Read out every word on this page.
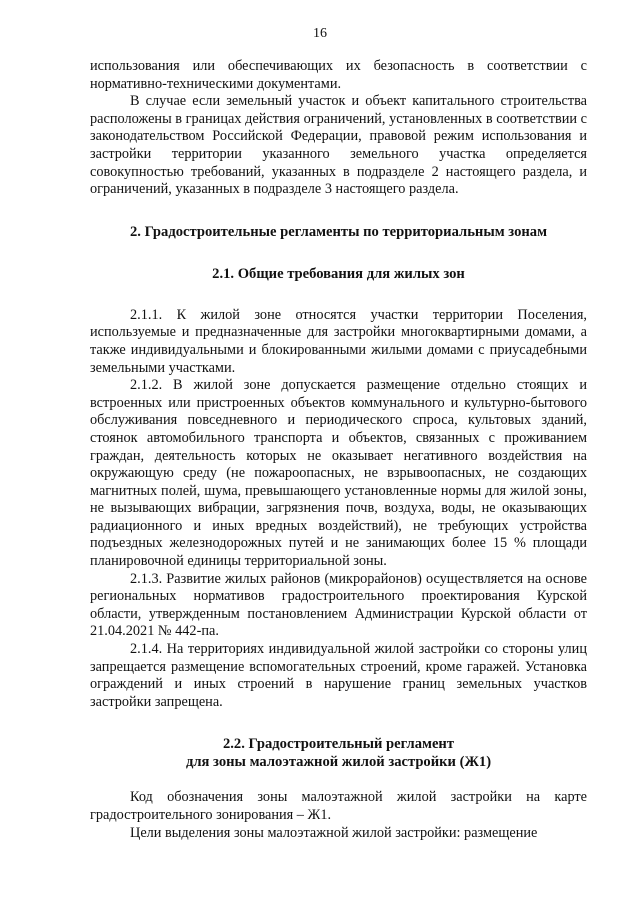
16

использования или обеспечивающих их безопасность в соответствии с нормативно-техническими документами.

В случае если земельный участок и объект капитального строительства расположены в границах действия ограничений, установленных в соответствии с законодательством Российской Федерации, правовой режим использования и застройки территории указанного земельного участка определяется совокупностью требований, указанных в подразделе 2 настоящего раздела, и ограничений, указанных в подразделе 3 настоящего раздела.

2. Градостроительные регламенты по территориальным зонам

2.1. Общие требования для жилых зон

2.1.1. К жилой зоне относятся участки территории Поселения, используемые и предназначенные для застройки многоквартирными домами, а также индивидуальными и блокированными жилыми домами с приусадебными земельными участками.

2.1.2. В жилой зоне допускается размещение отдельно стоящих и встроенных или пристроенных объектов коммунального и культурно-бытового обслуживания повседневного и периодического спроса, культовых зданий, стоянок автомобильного транспорта и объектов, связанных с проживанием граждан, деятельность которых не оказывает негативного воздействия на окружающую среду (не пожароопасных, не взрывоопасных, не создающих магнитных полей, шума, превышающего установленные нормы для жилой зоны, не вызывающих вибрации, загрязнения почв, воздуха, воды, не оказывающих радиационного и иных вредных воздействий), не требующих устройства подъездных железнодорожных путей и не занимающих более 15 % площади планировочной единицы территориальной зоны.

2.1.3. Развитие жилых районов (микрорайонов) осуществляется на основе региональных нормативов градостроительного проектирования Курской области, утвержденным постановлением Администрации Курской области от 21.04.2021 № 442-па.

2.1.4. На территориях индивидуальной жилой застройки со стороны улиц запрещается размещение вспомогательных строений, кроме гаражей. Установка ограждений и иных строений в нарушение границ земельных участков застройки запрещена.

2.2. Градостроительный регламент

для зоны малоэтажной жилой застройки (Ж1)

Код обозначения зоны малоэтажной жилой застройки на карте градостроительного зонирования – Ж1.

Цели выделения зоны малоэтажной жилой застройки: размещение
